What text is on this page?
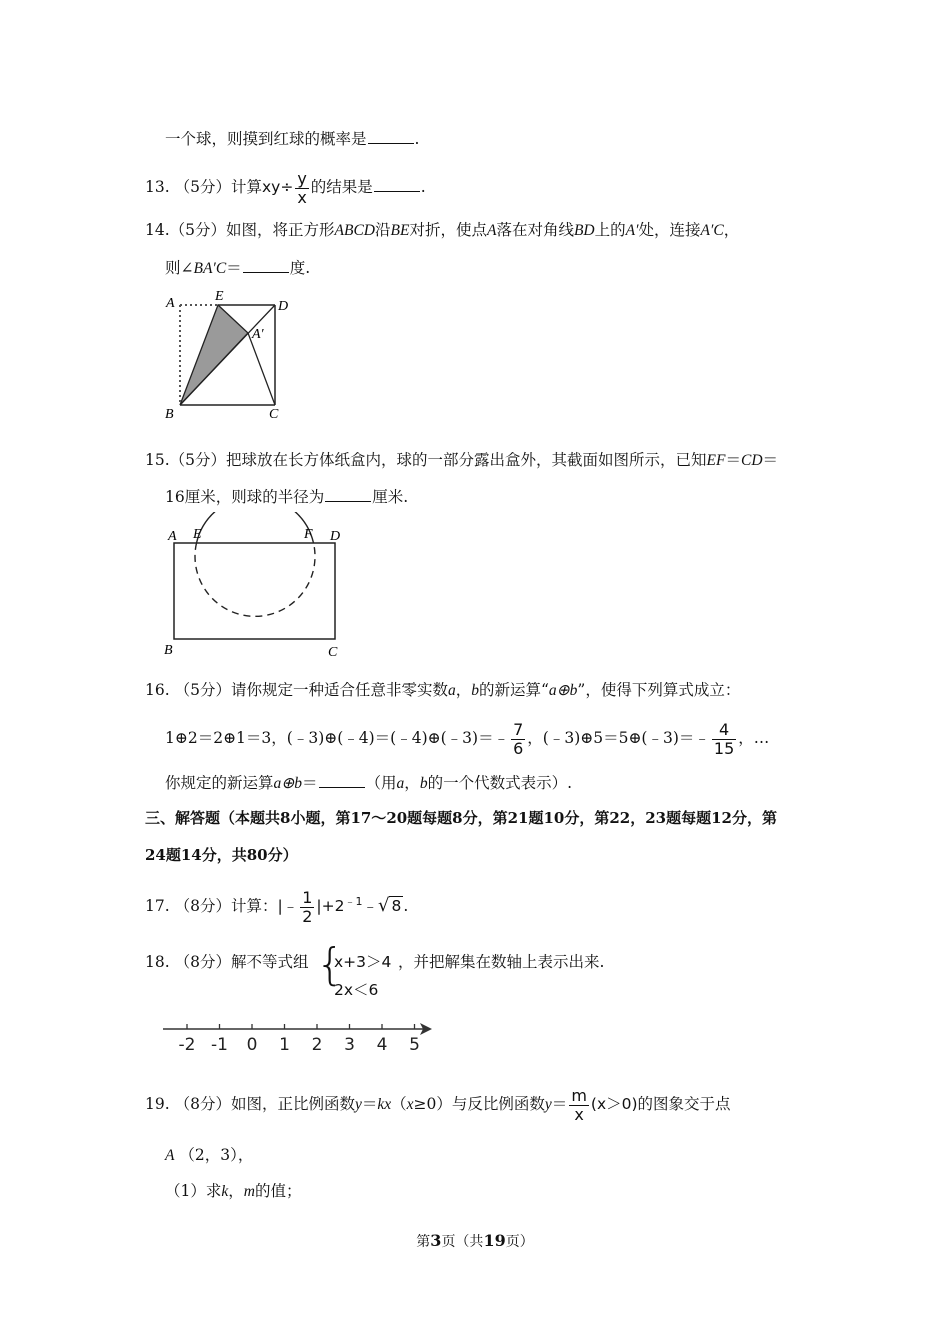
一个球，则摸到红球的概率是	.
13. （5分）计算$xy\div \frac{y}{x}$ 的结果是	.
14.（5分）如图，将正方形ABCD沿BE对折，使点A落在对角线BD上的A′处，连接A′C，
则∠BA′C＝	度.
A	E
D
A′
B	C
15.（5分）把球放在长方体纸盒内，球的一部分露出盒外，其截面如图所示，已知EF＝CD＝
16厘米，则球的半径为	厘米.
A E	F D
B	C
16. （5分）请你规定一种适合任意非零实数a，b的新运算“a⊕b”，使得下列算式成立：
1⊕2＝2⊕1＝3，(﹣3)⊕(﹣4)＝(﹣4)⊕(﹣3)＝﹣ $\frac{7}{6}$ ，(﹣3)⊕5＝5⊕(﹣3)＝﹣ $\frac{4}{15}$ ，…
你规定的新运算a⊕b＝	（用a，b的一个代数式表示）.
三、解答题（本题共8小题，第17～20题每题8分，第21题10分，第22，23题每题12分，第
24题14分，共80分）
17. （8分）计算：|﹣ $\frac{1}{2}$ $|+2^{﹣1}﹣√$ 8 .
18. （8分）解不等式组 {
x+3＞4
2x＜6
，并把解集在数轴上表示出来.
-2 -1 0 1 2 3 4 5
19. （8分）如图，正比例函数y＝kx（x≥0）与反比例函数$y= \frac{m}{x} (x>0)$的图象交于点
A （2，3），
（1）求k，m的值；
第3页（共19页）
